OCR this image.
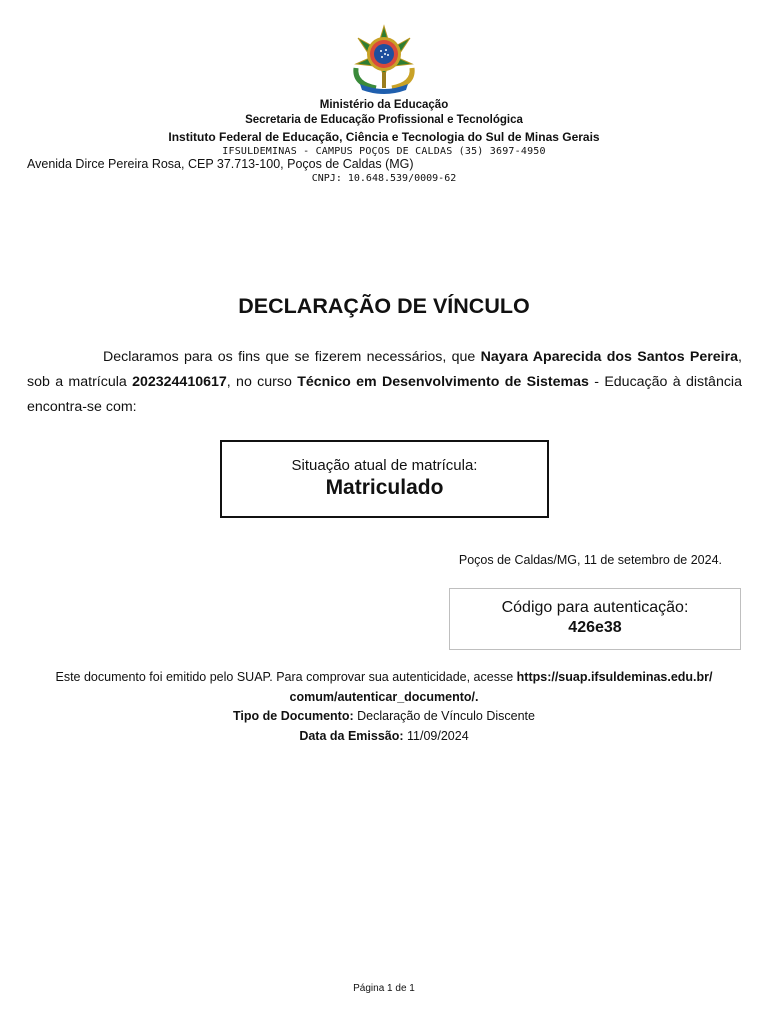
Ministério da Educação
Secretaria de Educação Profissional e Tecnológica
Instituto Federal de Educação, Ciência e Tecnologia do Sul de Minas Gerais
IFSULDEMINAS - CAMPUS POÇOS DE CALDAS (35) 3697-4950
Avenida Dirce Pereira Rosa, CEP 37.713-100, Poços de Caldas (MG)
CNPJ: 10.648.539/0009-62
DECLARAÇÃO DE VÍNCULO
Declaramos para os fins que se fizerem necessários, que Nayara Aparecida dos Santos Pereira, sob a matrícula 202324410617, no curso Técnico em Desenvolvimento de Sistemas - Educação à distância encontra-se com:
Situação atual de matrícula:
Matriculado
Poços de Caldas/MG, 11 de setembro de 2024.
Código para autenticação:
426e38
Este documento foi emitido pelo SUAP. Para comprovar sua autenticidade, acesse https://suap.ifsuldeminas.edu.br/ comum/autenticar_documento/.
Tipo de Documento: Declaração de Vínculo Discente
Data da Emissão: 11/09/2024
Página 1 de 1
